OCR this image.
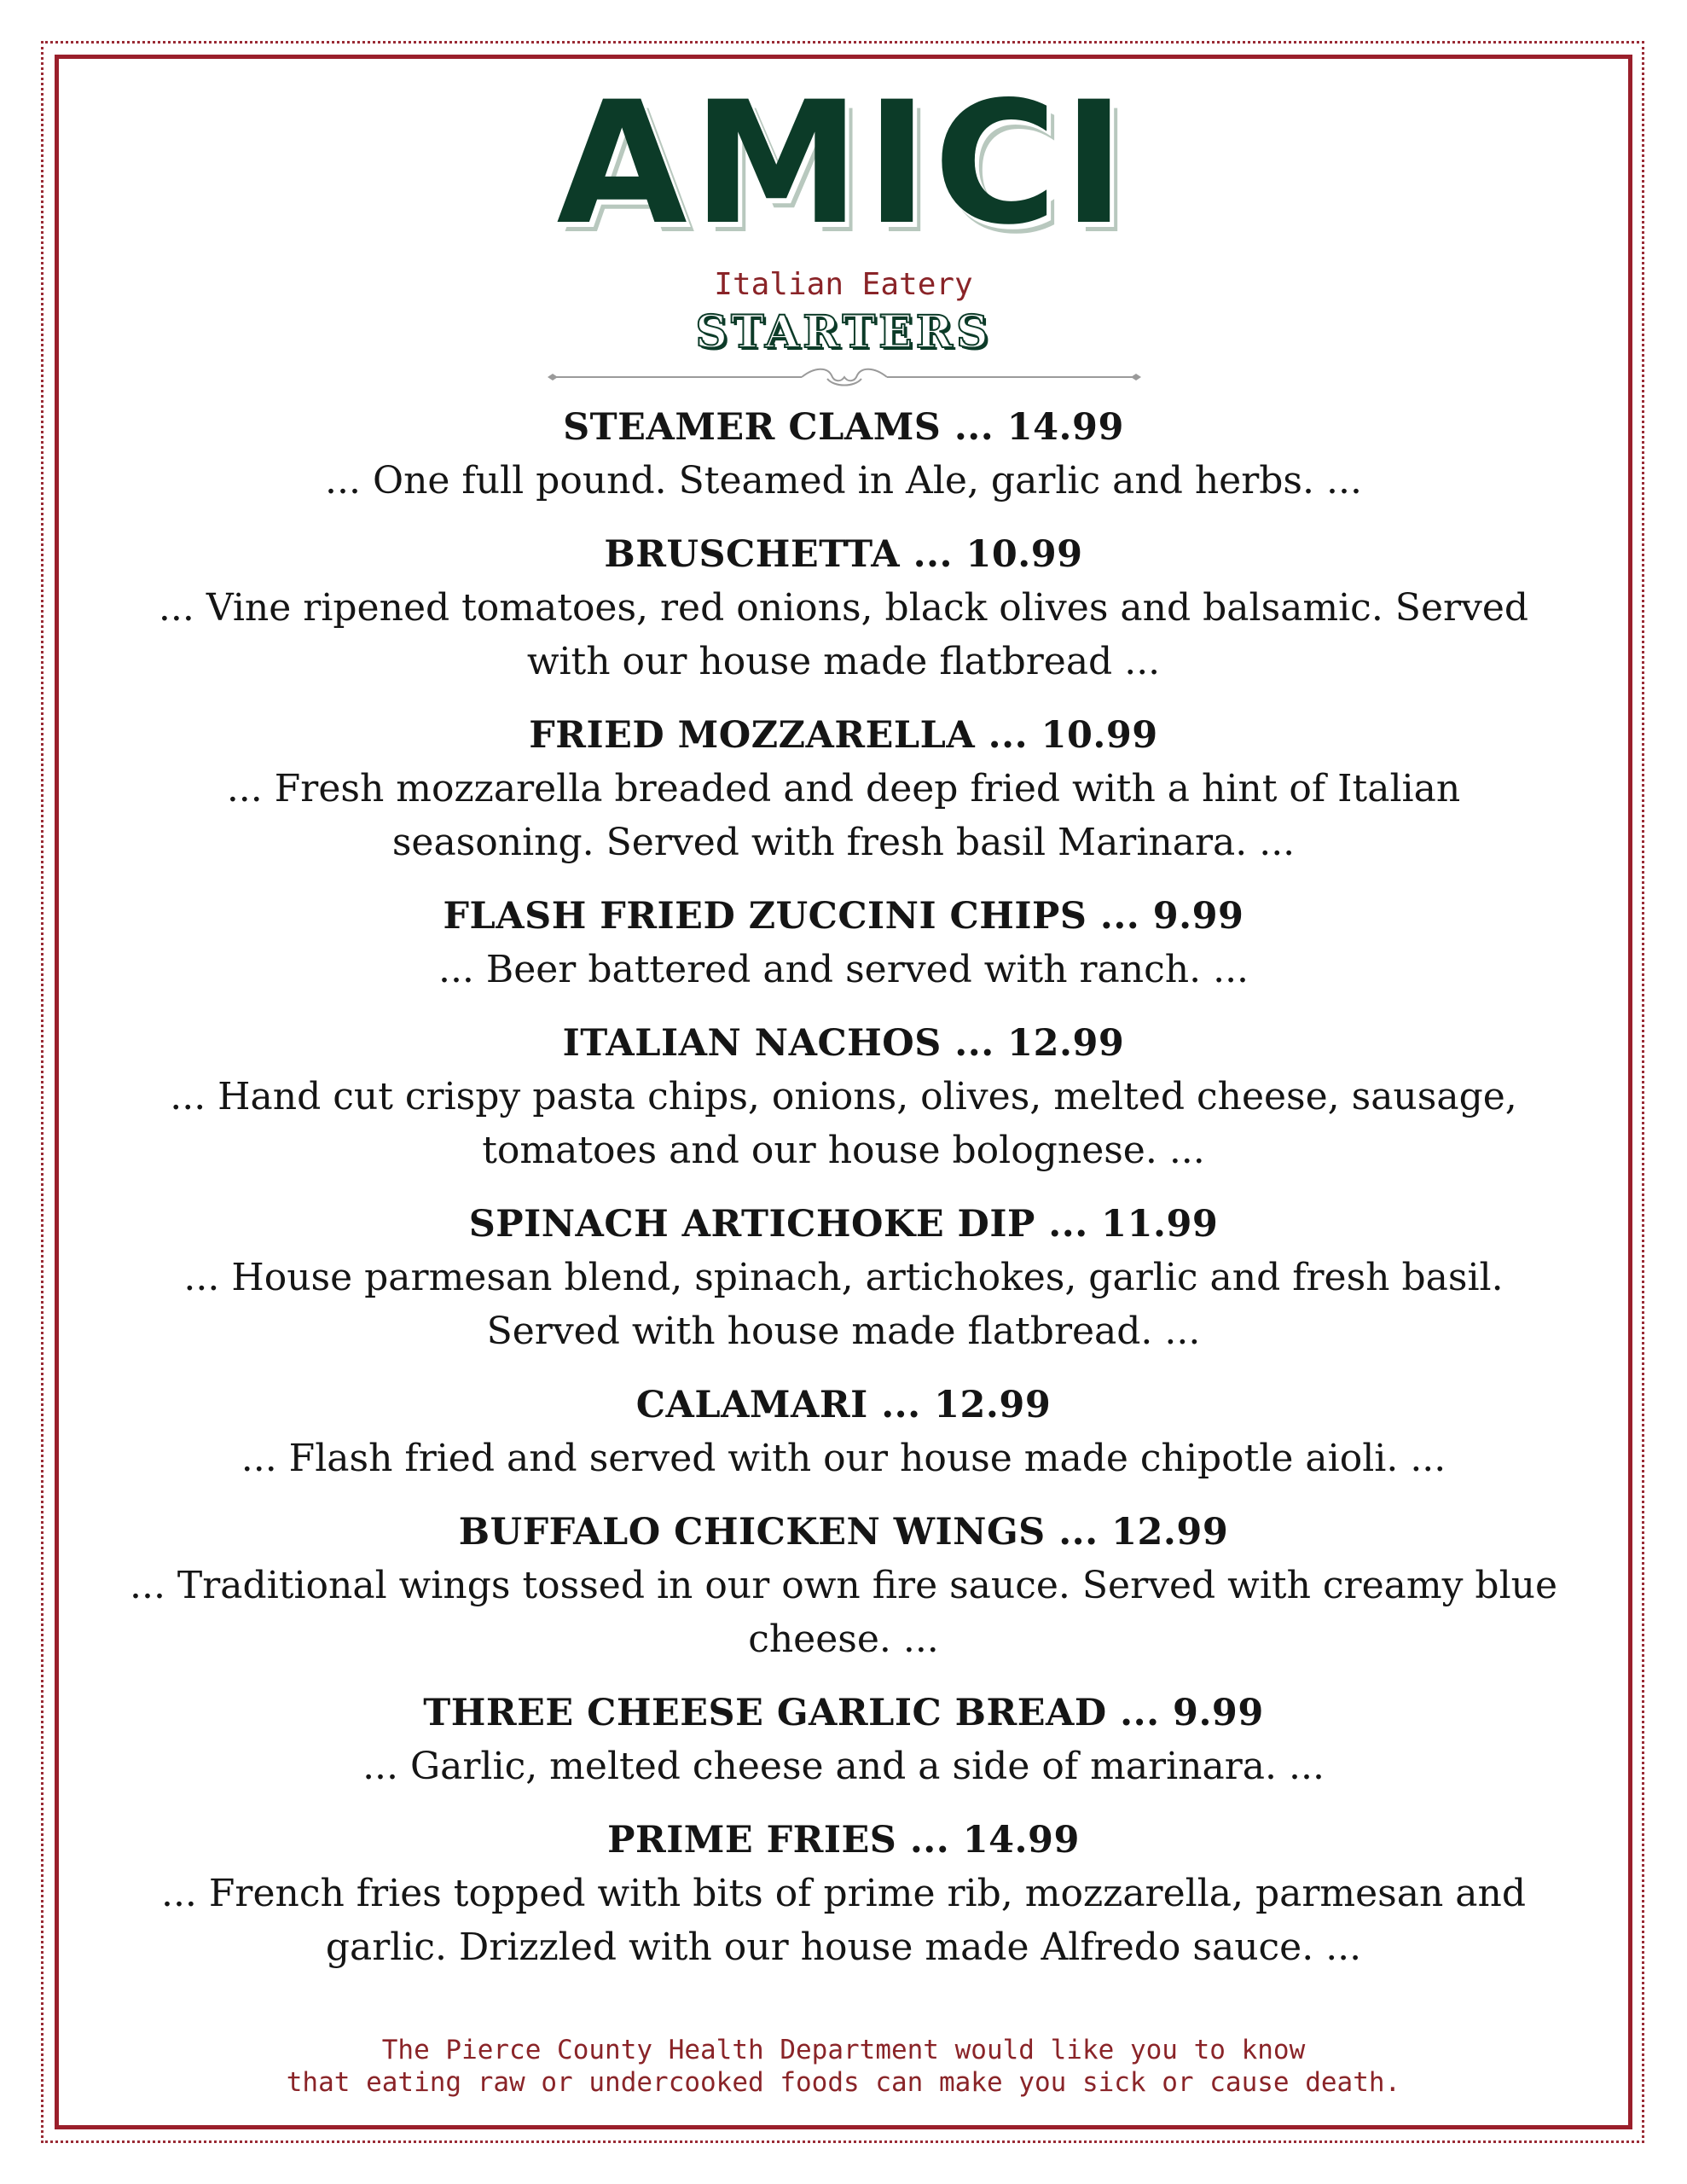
AMICI
Italian Eatery
STARTERS
STEAMER CLAMS ... 14.99
... One full pound. Steamed in Ale, garlic and herbs. ...
BRUSCHETTA ... 10.99
... Vine ripened tomatoes, red onions, black olives and balsamic. Served with our house made flatbread ...
FRIED MOZZARELLA ... 10.99
... Fresh mozzarella breaded and deep fried with a hint of Italian seasoning. Served with fresh basil Marinara. ...
FLASH FRIED ZUCCINI CHIPS ... 9.99
... Beer battered and served with ranch. ...
ITALIAN NACHOS ... 12.99
... Hand cut crispy pasta chips, onions, olives, melted cheese, sausage, tomatoes and our house bolognese. ...
SPINACH ARTICHOKE DIP ... 11.99
... House parmesan blend, spinach, artichokes, garlic and fresh basil. Served with house made flatbread. ...
CALAMARI ... 12.99
... Flash fried and served with our house made chipotle aioli. ...
BUFFALO CHICKEN WINGS ... 12.99
... Traditional wings tossed in our own fire sauce. Served with creamy blue cheese. ...
THREE CHEESE GARLIC BREAD ... 9.99
... Garlic, melted cheese and a side of marinara. ...
PRIME FRIES ... 14.99
... French fries topped with bits of prime rib, mozzarella, parmesan and garlic. Drizzled with our house made Alfredo sauce. ...
The Pierce County Health Department would like you to know
that eating raw or undercooked foods can make you sick or cause death.
